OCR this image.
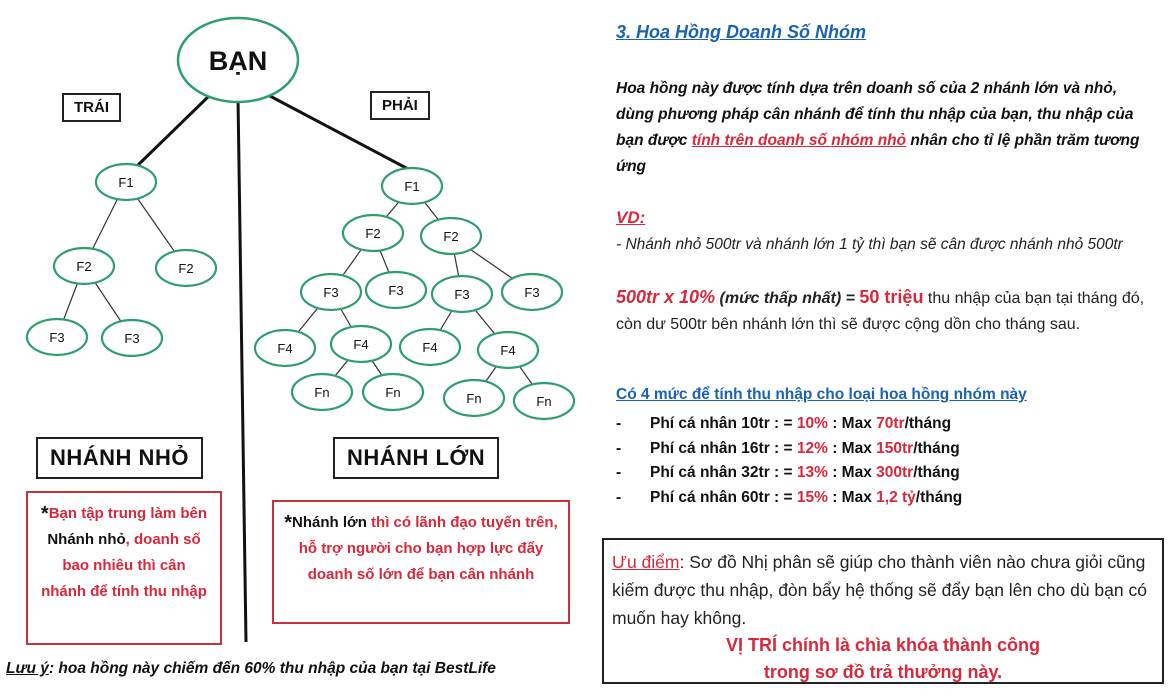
F1
F2	F2
F3	F3
F1
F2	F2
F3	F3	F3	F3
F4	F4	F4	F4
Fn	Fn	Fn	Fn
BẠN
TRÁI	PHẢI
NHÁNH NHỎ	NHÁNH LỚN
*Bạn tập trung làm bên Nhánh nhỏ, doanh số bao nhiêu thì cân nhánh để tính thu nhập
*Nhánh lớn thì có lãnh đạo tuyến trên, hỗ trợ người cho bạn hợp lực đẩy doanh số lớn để bạn cân nhánh
Lưu ý: hoa hồng này chiếm đến 60% thu nhập của bạn tại BestLife
3. Hoa Hồng Doanh Số Nhóm
Hoa hồng này được tính dựa trên doanh số của 2 nhánh lớn và nhỏ, dùng phương pháp cân nhánh để tính thu nhập của bạn, thu nhập của bạn được tính trên doanh số nhóm nhỏ nhân cho tỉ lệ phần trăm tương ứng
VD:
- Nhánh nhỏ 500tr và nhánh lớn 1 tỷ thì bạn sẽ cân được nhánh nhỏ 500tr
500tr x 10% (mức thấp nhất) = 50 triệu thu nhập của bạn tại tháng đó, còn dư 500tr bên nhánh lớn thì sẽ được cộng dồn cho tháng sau.
Có 4 mức để tính thu nhập cho loại hoa hồng nhóm này
- Phí cá nhân 10tr : = 10% : Max 70tr/tháng
- Phí cá nhân 16tr : = 12% : Max 150tr/tháng
- Phí cá nhân 32tr : = 13% : Max 300tr/tháng
- Phí cá nhân 60tr : = 15% : Max 1,2 tỷ/tháng
Ưu điểm: Sơ đồ Nhị phân sẽ giúp cho thành viên nào chưa giỏi cũng kiếm được thu nhập, đòn bẩy hệ thống sẽ đẩy bạn lên cho dù bạn có muốn hay không.
VỊ TRÍ chính là chìa khóa thành công
trong sơ đồ trả thưởng này.
